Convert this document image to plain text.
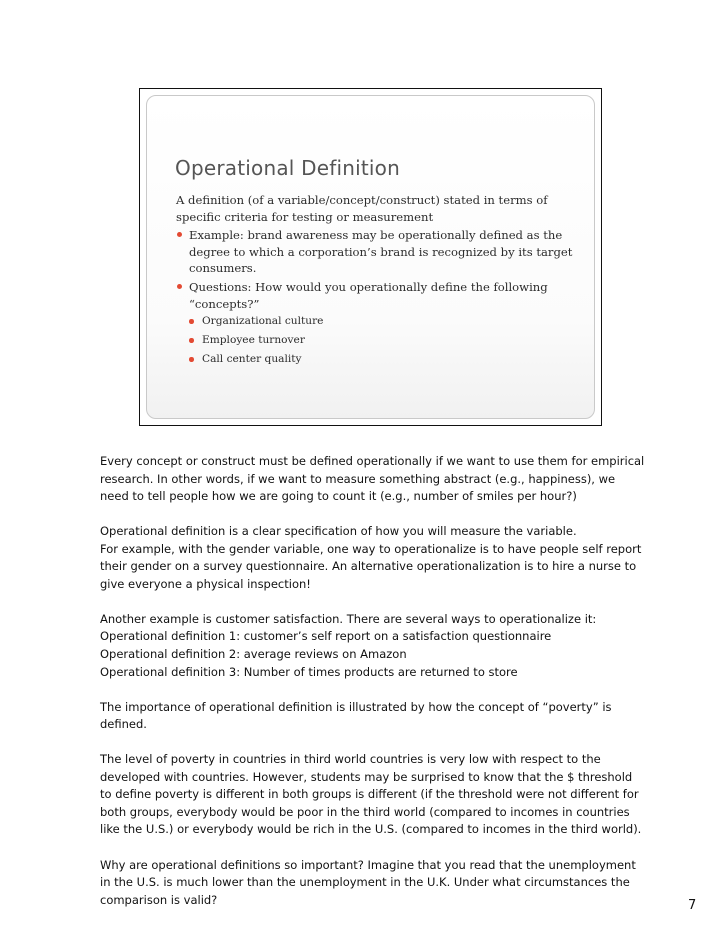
Operational Definition

A definition (of a variable/concept/construct) stated in terms of specific criteria for testing or measurement

Example: brand awareness may be operationally defined as the degree to which a corporation’s brand is recognized by its target consumers.
Questions: How would you operationally define the following “concepts?”
Organizational culture
Employee turnover
Call center quality

Every concept or construct must be defined operationally if we want to use them for empirical research. In other words, if we want to measure something abstract (e.g., happiness), we need to tell people how we are going to count it (e.g., number of smiles per hour?)

Operational definition is a clear specification of how you will measure the variable.
For example, with the gender variable, one way to operationalize is to have people self report their gender on a survey questionnaire. An alternative operationalization is to hire a nurse to give everyone a physical inspection!

Another example is customer satisfaction. There are several ways to operationalize it:
Operational definition 1: customer’s self report on a satisfaction questionnaire
Operational definition 2: average reviews on Amazon
Operational definition 3: Number of times products are returned to store

The importance of operational definition is illustrated by how the concept of “poverty” is defined.

The level of poverty in countries in third world countries is very low with respect to the developed with countries. However, students may be surprised to know that the $ threshold to define poverty is different in both groups is different (if the threshold were not different for both groups, everybody would be poor in the third world (compared to incomes in countries like the U.S.) or everybody would be rich in the U.S. (compared to incomes in the third world).

Why are operational definitions so important? Imagine that you read that the unemployment in the U.S. is much lower than the unemployment in the U.K. Under what circumstances the comparison is valid?	7
